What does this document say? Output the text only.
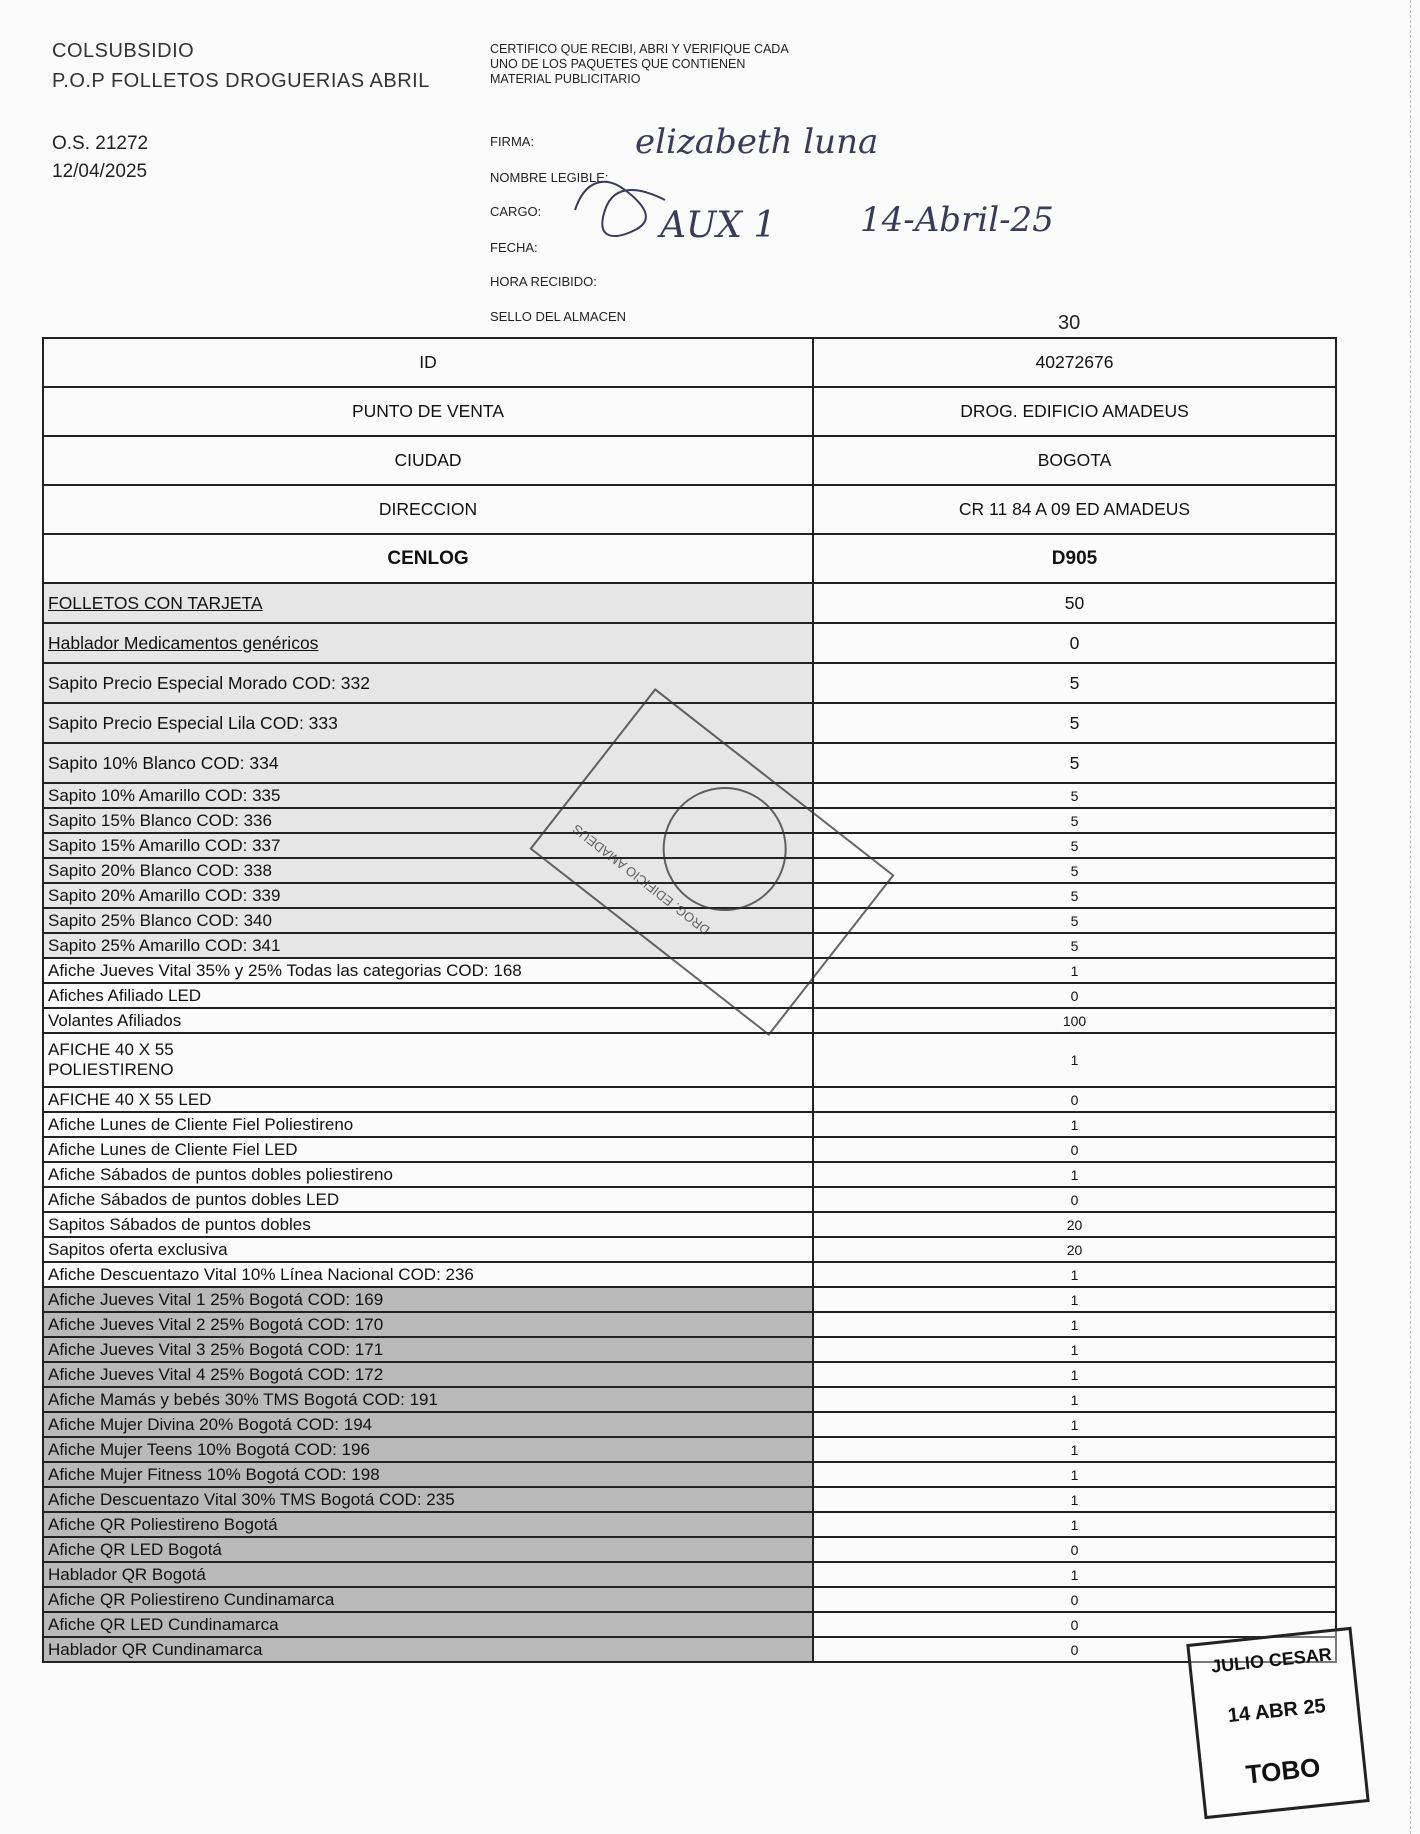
COLSUBSIDIO
P.O.P FOLLETOS DROGUERIAS ABRIL
O.S. 21272
12/04/2025
CERTIFICO QUE RECIBI, ABRI Y VERIFIQUE CADA UNO DE LOS PAQUETES QUE CONTIENEN MATERIAL PUBLICITARIO
FIRMA:
NOMBRE LEGIBLE:
CARGO:
FECHA:
HORA RECIBIDO:
SELLO DEL ALMACEN
elizabeth luna
AUX 1 14-Abril-25
30
ID	40272676
PUNTO DE VENTA	DROG. EDIFICIO AMADEUS
CIUDAD	BOGOTA
DIRECCION	CR 11 84 A 09 ED AMADEUS
CENLOG	D905
FOLLETOS CON TARJETA	50
Hablador Medicamentos genéricos	0
Sapito Precio Especial Morado COD: 332	5
Sapito Precio Especial Lila COD: 333	5
Sapito 10% Blanco COD: 334	5
Sapito 10% Amarillo COD: 335	5
Sapito 15% Blanco COD: 336	5
Sapito 15% Amarillo COD: 337	5
Sapito 20% Blanco COD: 338	5
Sapito 20% Amarillo COD: 339	5
Sapito 25% Blanco COD: 340	5
Sapito 25% Amarillo COD: 341	5
Afiche Jueves Vital 35% y 25% Todas las categorias COD: 168	1
Afiches Afiliado LED	0
Volantes Afiliados	100

AFICHE 40 X 55
POLIESTIRENO	1
AFICHE 40 X 55 LED	0
Afiche Lunes de Cliente Fiel Poliestireno	1
Afiche Lunes de Cliente Fiel LED	0
Afiche Sábados de puntos dobles poliestireno	1
Afiche Sábados de puntos dobles LED	0
Sapitos Sábados de puntos dobles	20
Sapitos oferta exclusiva	20
Afiche Descuentazo Vital 10% Línea Nacional COD: 236	1
Afiche Jueves Vital 1 25% Bogotá COD: 169	1
Afiche Jueves Vital 2 25% Bogotá COD: 170	1
Afiche Jueves Vital 3 25% Bogotá COD: 171	1
Afiche Jueves Vital 4 25% Bogotá COD: 172	1
Afiche Mamás y bebés 30% TMS Bogotá COD: 191	1
Afiche Mujer Divina 20% Bogotá COD: 194	1
Afiche Mujer Teens 10% Bogotá COD: 196	1
Afiche Mujer Fitness 10% Bogotá COD: 198	1
Afiche Descuentazo Vital 30% TMS Bogotá COD: 235	1
Afiche QR Poliestireno Bogotá	1
Afiche QR LED Bogotá	0
Hablador QR Bogotá	1
Afiche QR Poliestireno Cundinamarca	0
Afiche QR LED Cundinamarca	0
Hablador QR Cundinamarca	0
DROG. EDIFICIO AMADEUS
JULIO CESAR
14 ABR 25
TOBO
